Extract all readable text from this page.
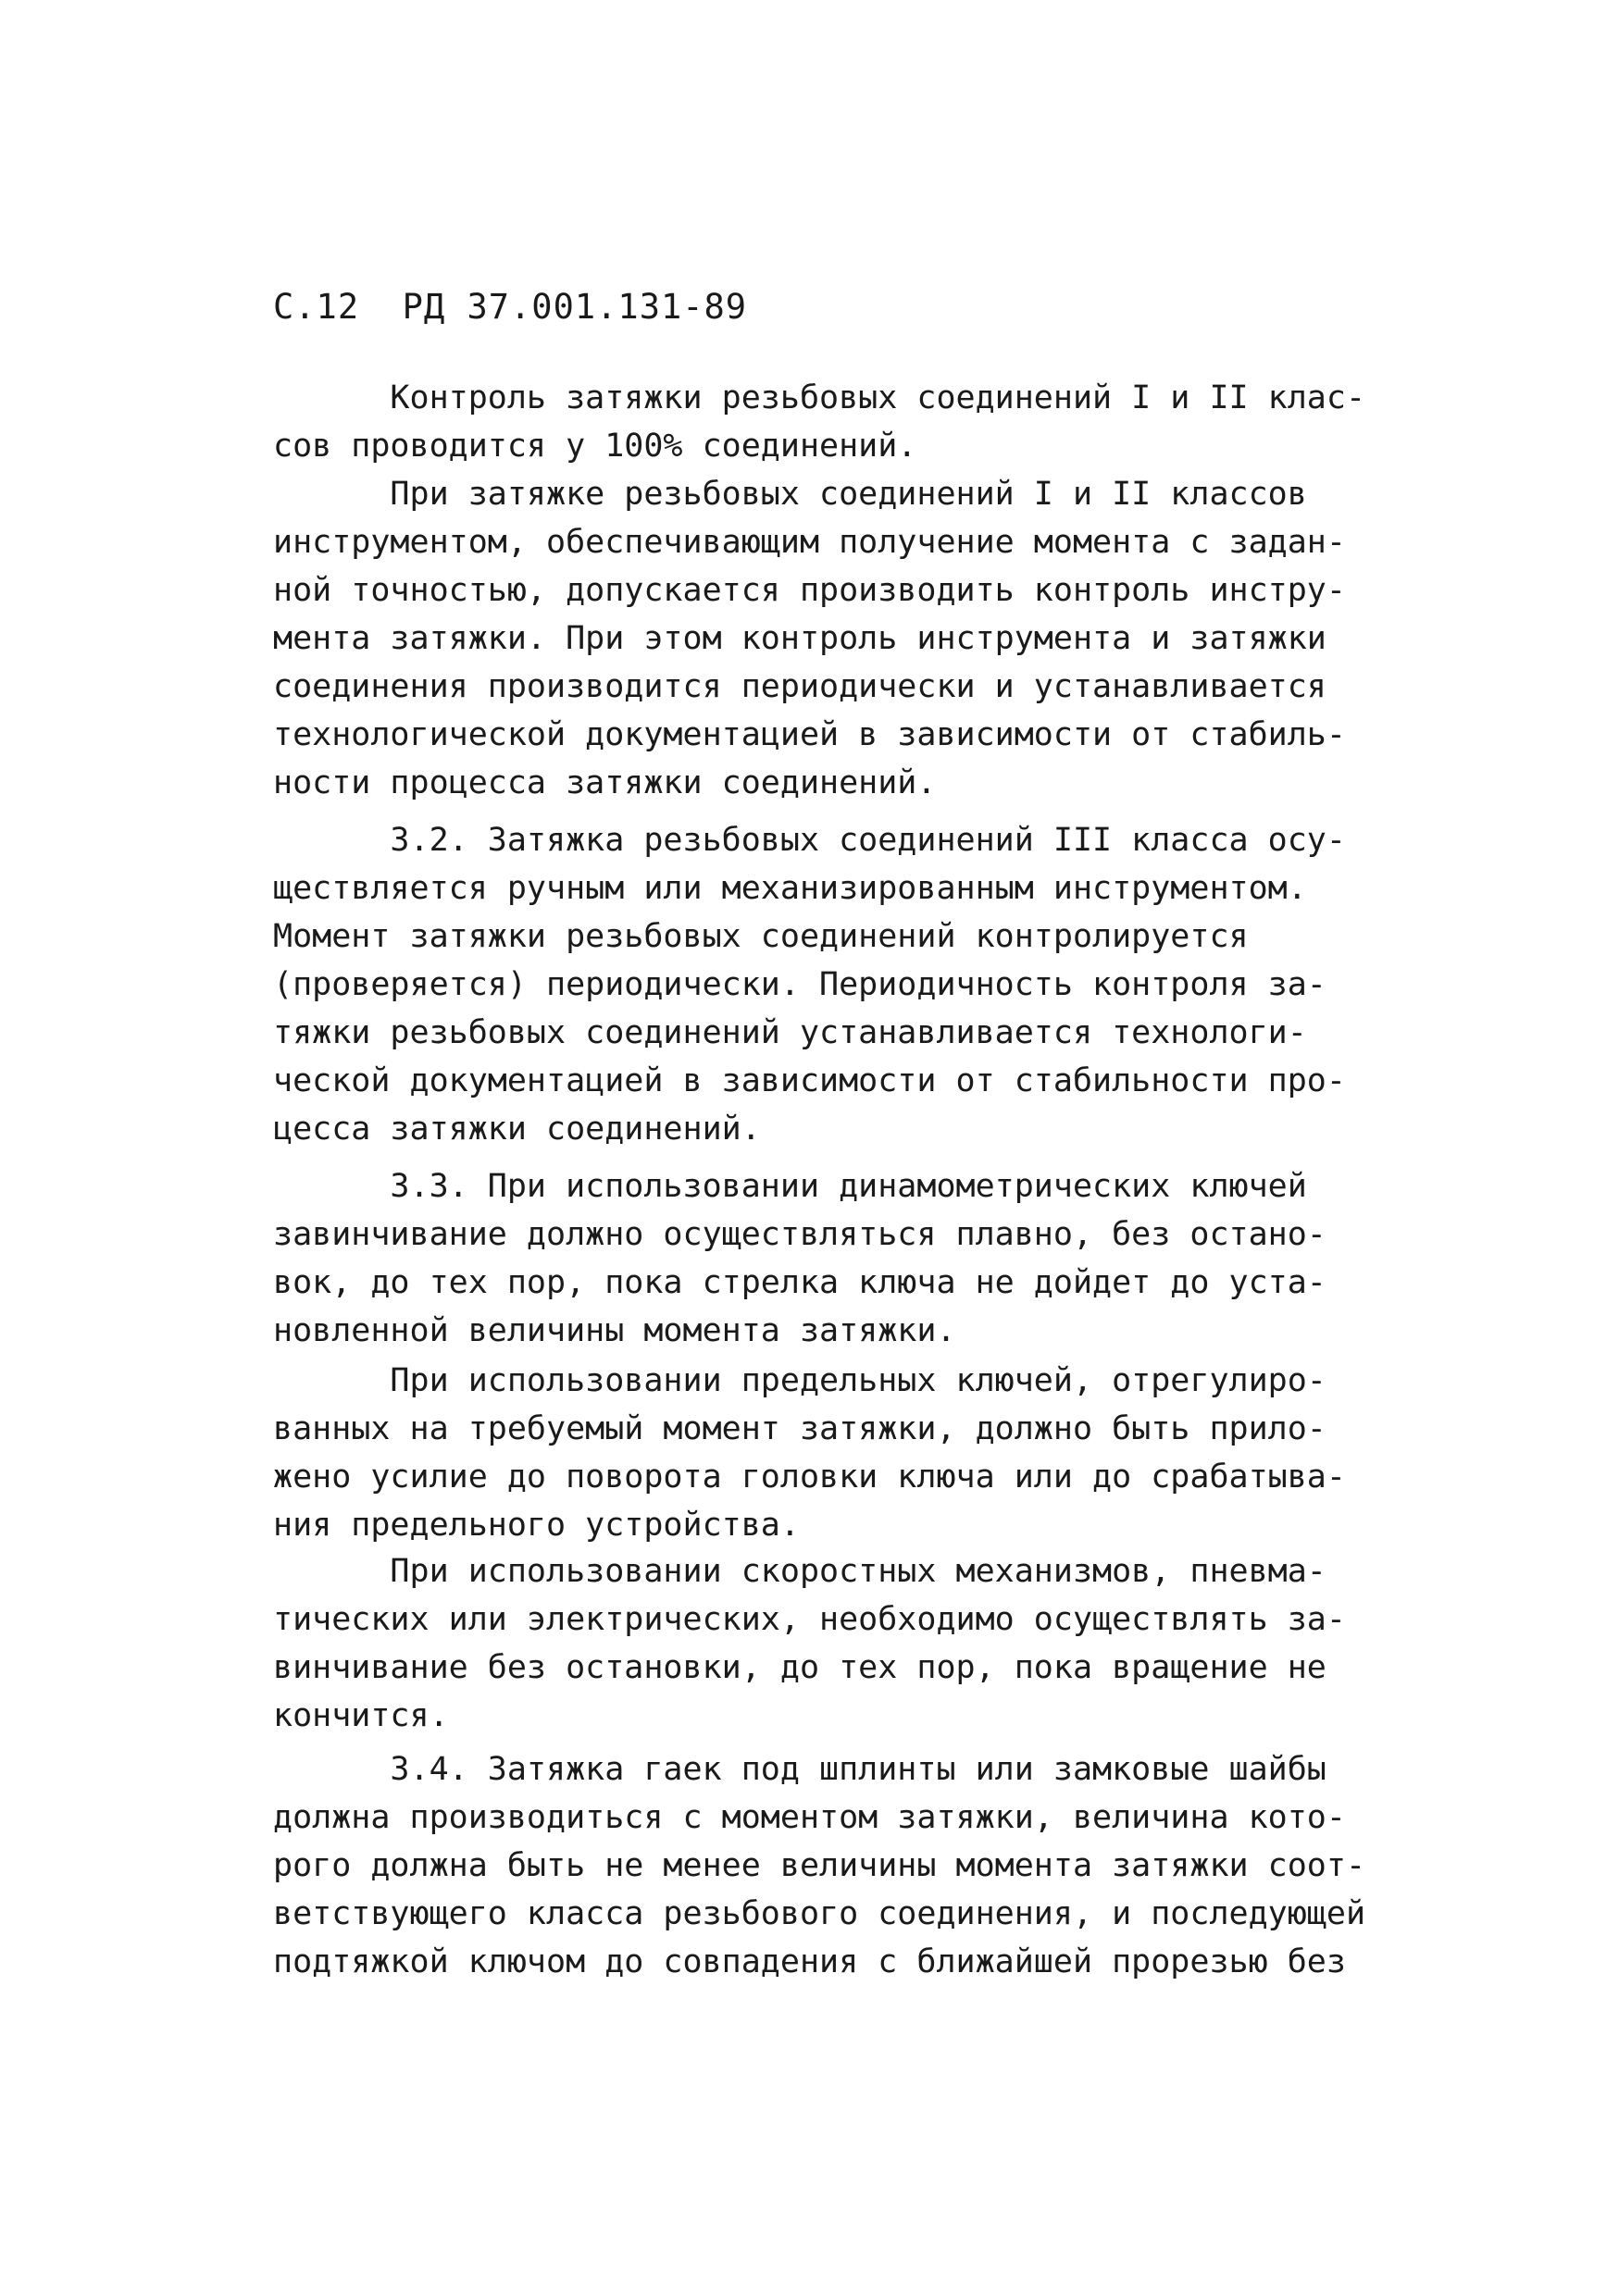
С.12  РД 37.001.131-89
Контроль затяжки резьбовых соединений I и II клас-
сов проводится у 100% соединений.
При затяжке резьбовых соединений I и II классов
инструментом, обеспечивающим получение момента с задан-
ной точностью, допускается производить контроль инстру-
мента затяжки. При этом контроль инструмента и затяжки
соединения производится периодически и устанавливается
технологической документацией в зависимости от стабиль-
ности процесса затяжки соединений.
3.2. Затяжка резьбовых соединений III класса осу-
ществляется ручным или механизированным инструментом.
Момент затяжки резьбовых соединений контролируется
(проверяется) периодически. Периодичность контроля за-
тяжки резьбовых соединений устанавливается технологи-
ческой документацией в зависимости от стабильности про-
цесса затяжки соединений.
3.3. При использовании динамометрических ключей
завинчивание должно осуществляться плавно, без остано-
вок, до тех пор, пока стрелка ключа не дойдет до уста-
новленной величины момента затяжки.
При использовании предельных ключей, отрегулиро-
ванных на требуемый момент затяжки, должно быть прило-
жено усилие до поворота головки ключа или до срабатыва-
ния предельного устройства.
При использовании скоростных механизмов, пневма-
тических или электрических, необходимо осуществлять за-
винчивание без остановки, до тех пор, пока вращение не
кончится.
3.4. Затяжка гаек под шплинты или замковые шайбы
должна производиться с моментом затяжки, величина кото-
рого должна быть не менее величины момента затяжки соот-
ветствующего класса резьбового соединения, и последующей
подтяжкой ключом до совпадения с ближайшей прорезью без
